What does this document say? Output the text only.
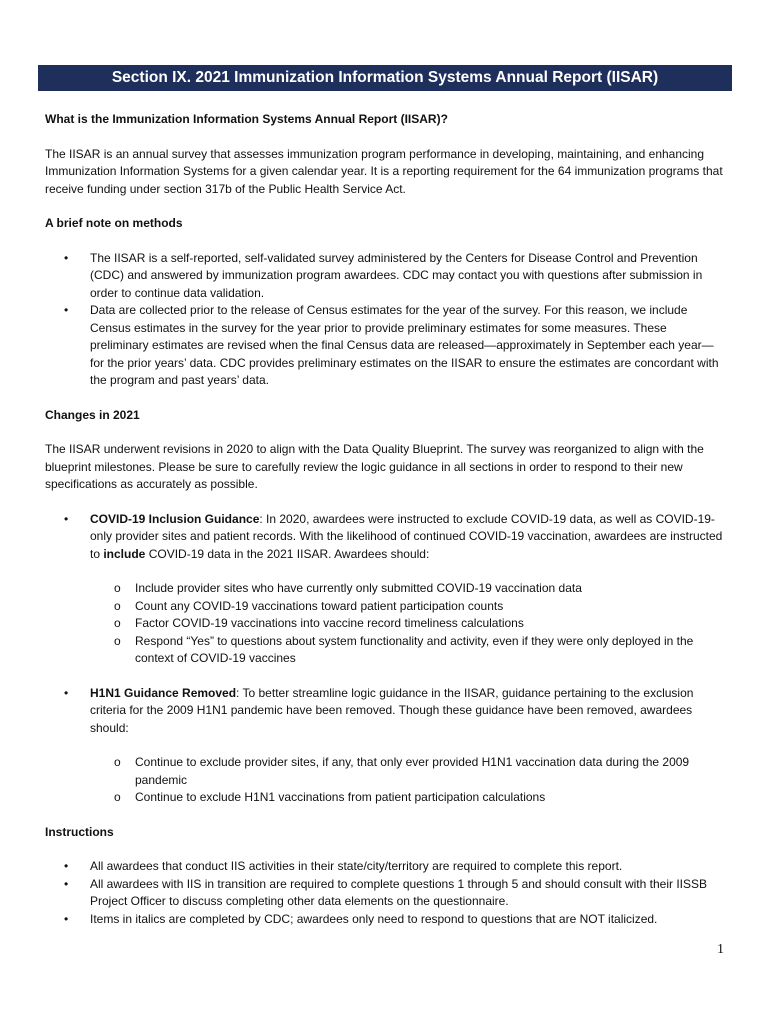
Section IX. 2021 Immunization Information Systems Annual Report (IISAR)
What is the Immunization Information Systems Annual Report (IISAR)?
The IISAR is an annual survey that assesses immunization program performance in developing, maintaining, and enhancing Immunization Information Systems for a given calendar year. It is a reporting requirement for the 64 immunization programs that receive funding under section 317b of the Public Health Service Act.
A brief note on methods
• The IISAR is a self-reported, self-validated survey administered by the Centers for Disease Control and Prevention (CDC) and answered by immunization program awardees. CDC may contact you with questions after submission in order to continue data validation.
• Data are collected prior to the release of Census estimates for the year of the survey. For this reason, we include Census estimates in the survey for the year prior to provide preliminary estimates for some measures. These preliminary estimates are revised when the final Census data are released—approximately in September each year—for the prior years’ data. CDC provides preliminary estimates on the IISAR to ensure the estimates are concordant with the program and past years’ data.
Changes in 2021
The IISAR underwent revisions in 2020 to align with the Data Quality Blueprint. The survey was reorganized to align with the blueprint milestones. Please be sure to carefully review the logic guidance in all sections in order to respond to their new specifications as accurately as possible.
• COVID-19 Inclusion Guidance: In 2020, awardees were instructed to exclude COVID-19 data, as well as COVID-19-only provider sites and patient records. With the likelihood of continued COVID-19 vaccination, awardees are instructed to include COVID-19 data in the 2021 IISAR. Awardees should:
o Include provider sites who have currently only submitted COVID-19 vaccination data
o Count any COVID-19 vaccinations toward patient participation counts
o Factor COVID-19 vaccinations into vaccine record timeliness calculations
o Respond “Yes” to questions about system functionality and activity, even if they were only deployed in the context of COVID-19 vaccines
• H1N1 Guidance Removed: To better streamline logic guidance in the IISAR, guidance pertaining to the exclusion criteria for the 2009 H1N1 pandemic have been removed. Though these guidance have been removed, awardees should:
o Continue to exclude provider sites, if any, that only ever provided H1N1 vaccination data during the 2009 pandemic
o Continue to exclude H1N1 vaccinations from patient participation calculations
Instructions
• All awardees that conduct IIS activities in their state/city/territory are required to complete this report.
• All awardees with IIS in transition are required to complete questions 1 through 5 and should consult with their IISSB Project Officer to discuss completing other data elements on the questionnaire.
• Items in italics are completed by CDC; awardees only need to respond to questions that are NOT italicized.
1
